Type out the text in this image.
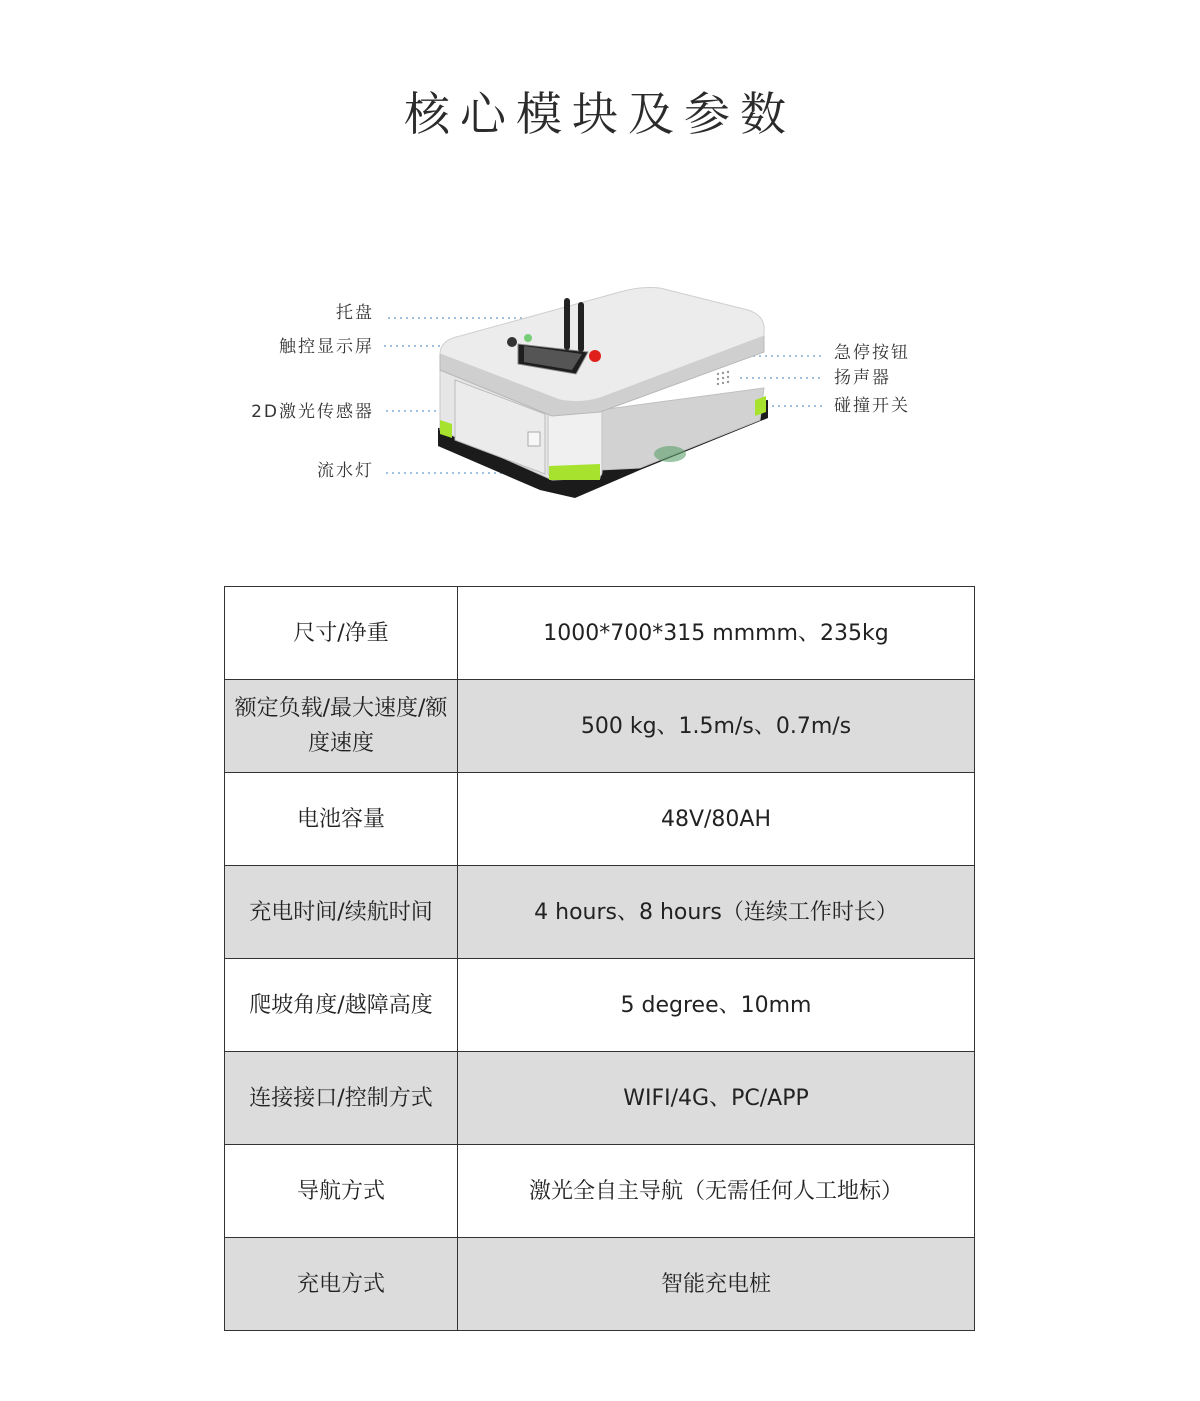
核心模块及参数
托盘
触控显示屏
2D激光传感器
流水灯
急停按钮
扬声器
碰撞开关
尺寸/净重	1000*700*315 mmmm、235kg
额定负载/最大速度/额度速度	500 kg、1.5m/s、0.7m/s
电池容量	48V/80AH
充电时间/续航时间	4 hours、8 hours（连续工作时长）
爬坡角度/越障高度	5 degree、10mm
连接接口/控制方式	WIFI/4G、PC/APP
导航方式	激光全自主导航（无需任何人工地标）
充电方式	智能充电桩
